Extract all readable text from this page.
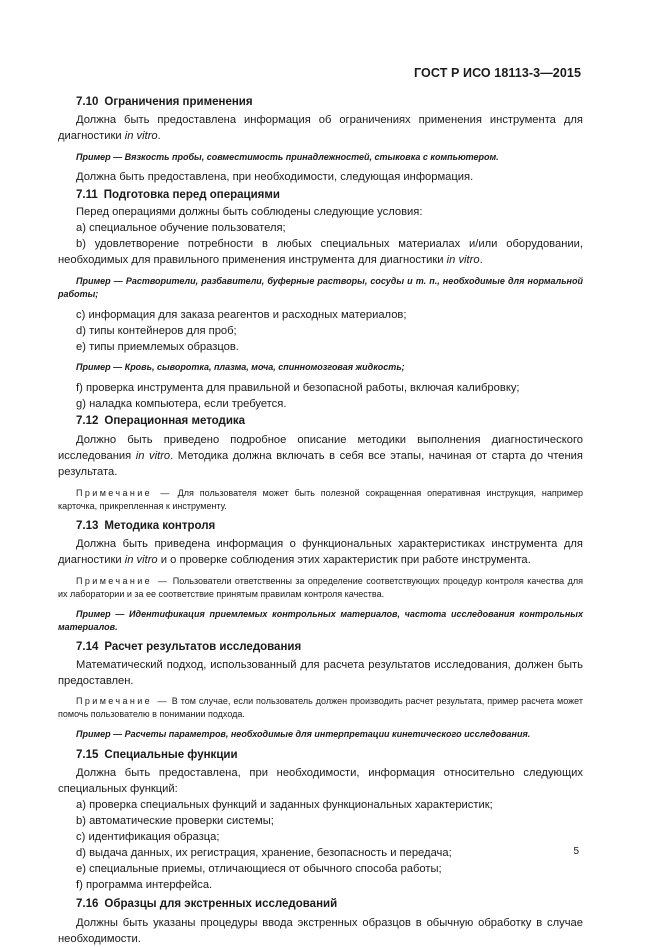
ГОСТ Р ИСО 18113-3—2015
7.10 Ограничения применения
Должна быть предоставлена информация об ограничениях применения инструмента для диагностики in vitro.
Пример — Вязкость пробы, совместимость принадлежностей, стыковка с компьютером.
Должна быть предоставлена, при необходимости, следующая информация.
7.11 Подготовка перед операциями
Перед операциями должны быть соблюдены следующие условия:
a) специальное обучение пользователя;
b) удовлетворение потребности в любых специальных материалах и/или оборудовании, необходимых для правильного применения инструмента для диагностики in vitro.
Пример — Растворители, разбавители, буферные растворы, сосуды и т. п., необходимые для нормальной работы;
c) информация для заказа реагентов и расходных материалов;
d) типы контейнеров для проб;
e) типы приемлемых образцов.
Пример — Кровь, сыворотка, плазма, моча, спинномозговая жидкость;
f) проверка инструмента для правильной и безопасной работы, включая калибровку;
g) наладка компьютера, если требуется.
7.12 Операционная методика
Должно быть приведено подробное описание методики выполнения диагностического исследования in vitro. Методика должна включать в себя все этапы, начиная от старта до чтения результата.
Примечание — Для пользователя может быть полезной сокращенная оперативная инструкция, например карточка, прикрепленная к инструменту.
7.13 Методика контроля
Должна быть приведена информация о функциональных характеристиках инструмента для диагностики in vitro и о проверке соблюдения этих характеристик при работе инструмента.
Примечание — Пользователи ответственны за определение соответствующих процедур контроля качества для их лаборатории и за ее соответствие принятым правилам контроля качества.
Пример — Идентификация приемлемых контрольных материалов, частота исследования контрольных материалов.
7.14 Расчет результатов исследования
Математический подход, использованный для расчета результатов исследования, должен быть предоставлен.
Примечание — В том случае, если пользователь должен производить расчет результата, пример расчета может помочь пользователю в понимании подхода.
Пример — Расчеты параметров, необходимые для интерпретации кинетического исследования.
7.15 Специальные функции
Должна быть предоставлена, при необходимости, информация относительно следующих специальных функций:
a) проверка специальных функций и заданных функциональных характеристик;
b) автоматические проверки системы;
c) идентификация образца;
d) выдача данных, их регистрация, хранение, безопасность и передача;
e) специальные приемы, отличающиеся от обычного способа работы;
f) программа интерфейса.
7.16 Образцы для экстренных исследований
Должны быть указаны процедуры ввода экстренных образцов в обычную обработку в случае необходимости.
5
